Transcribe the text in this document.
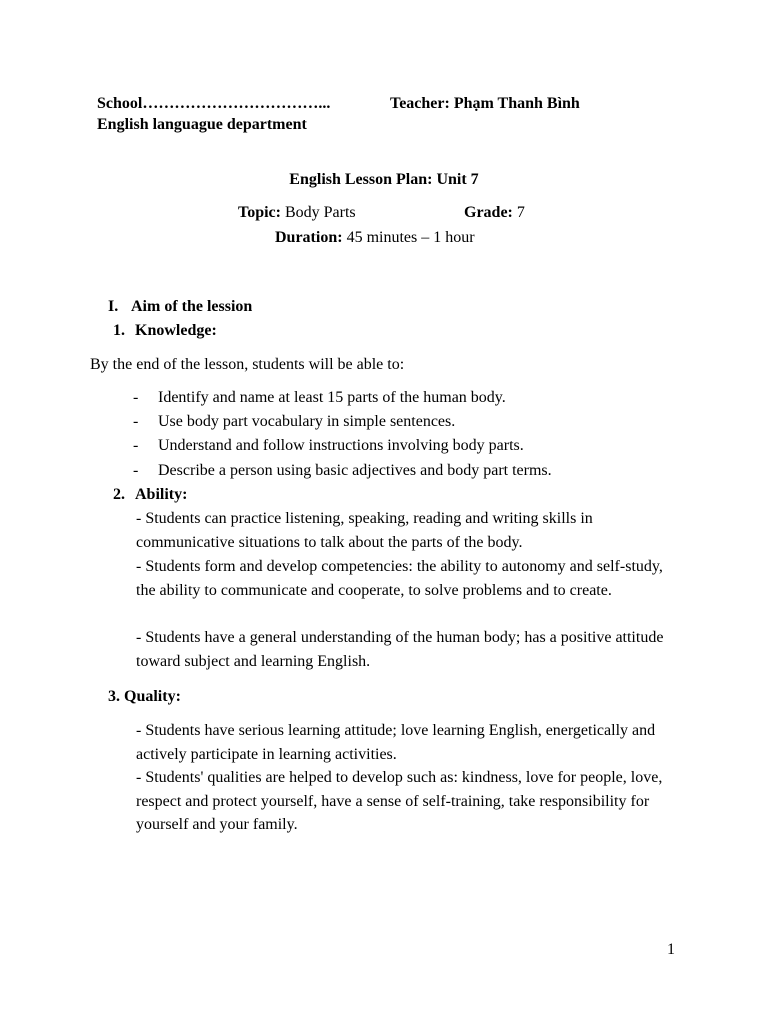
School……………………………...	Teacher: Phạm Thanh Bình
English languague department
English Lesson Plan: Unit 7
Topic: Body Parts	Grade: 7
Duration: 45 minutes – 1 hour
I. Aim of the lession
1. Knowledge:
By the end of the lesson, students will be able to:
- Identify and name at least 15 parts of the human body.
- Use body part vocabulary in simple sentences.
- Understand and follow instructions involving body parts.
- Describe a person using basic adjectives and body part terms.
2. Ability:
- Students can practice listening, speaking, reading and writing skills in communicative situations to talk about the parts of the body.
- Students form and develop competencies: the ability to autonomy and self-study, the ability to communicate and cooperate, to solve problems and to create.
- Students have a general understanding of the human body; has a positive attitude toward subject and learning English.
3. Quality:
- Students have serious learning attitude; love learning English, energetically and actively participate in learning activities.
- Students' qualities are helped to develop such as: kindness, love for people, love, respect and protect yourself, have a sense of self-training, take responsibility for yourself and your family.
1
